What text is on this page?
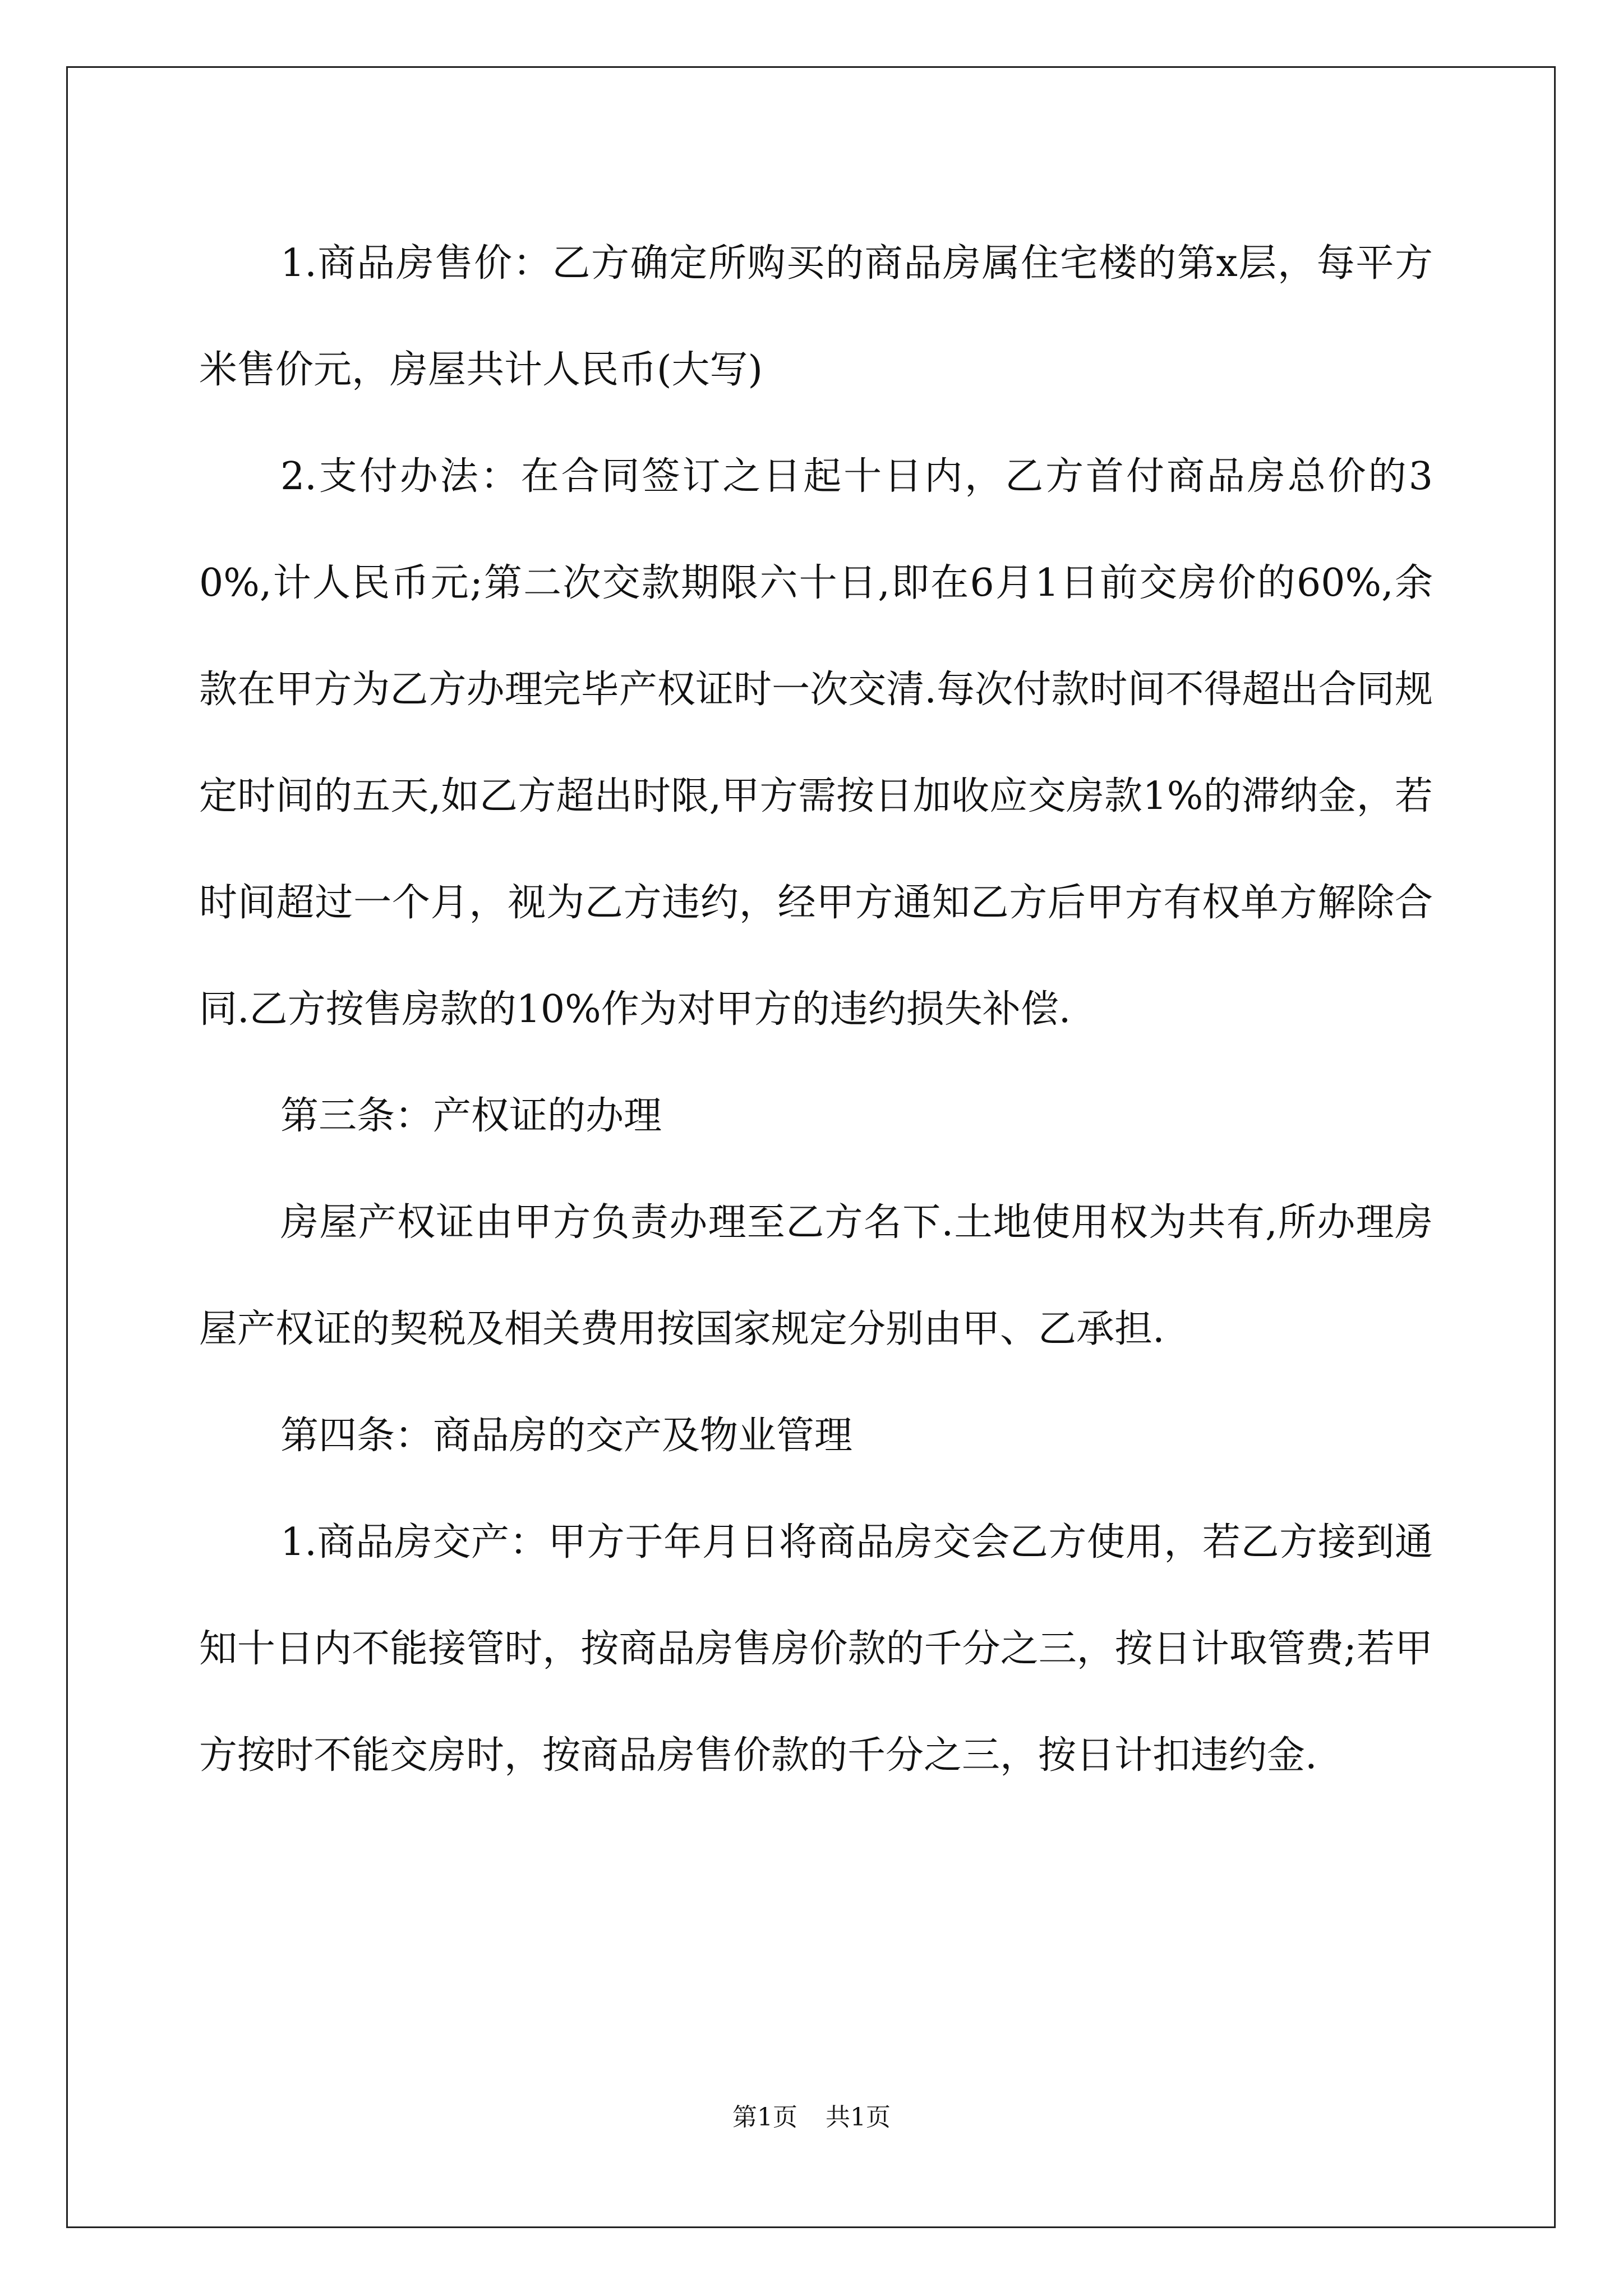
1.商品房售价：乙方确定所购买的商品房属住宅楼的第x层，每平方米售价元，房屋共计人民币(大写)

2.支付办法：在合同签订之日起十日内，乙方首付商品房总价的30%,计人民币元;第二次交款期限六十日,即在6月1日前交房价的60%,余款在甲方为乙方办理完毕产权证时一次交清.每次付款时间不得超出合同规定时间的五天,如乙方超出时限,甲方需按日加收应交房款1%的滞纳金，若时间超过一个月，视为乙方违约，经甲方通知乙方后甲方有权单方解除合同.乙方按售房款的10%作为对甲方的违约损失补偿.

第三条：产权证的办理

房屋产权证由甲方负责办理至乙方名下.土地使用权为共有,所办理房屋产权证的契税及相关费用按国家规定分别由甲、乙承担.

第四条：商品房的交产及物业管理

1.商品房交产：甲方于年月日将商品房交会乙方使用，若乙方接到通知十日内不能接管时，按商品房售房价款的千分之三，按日计取管费;若甲方按时不能交房时，按商品房售价款的千分之三，按日计扣违约金.

第1页 共1页
